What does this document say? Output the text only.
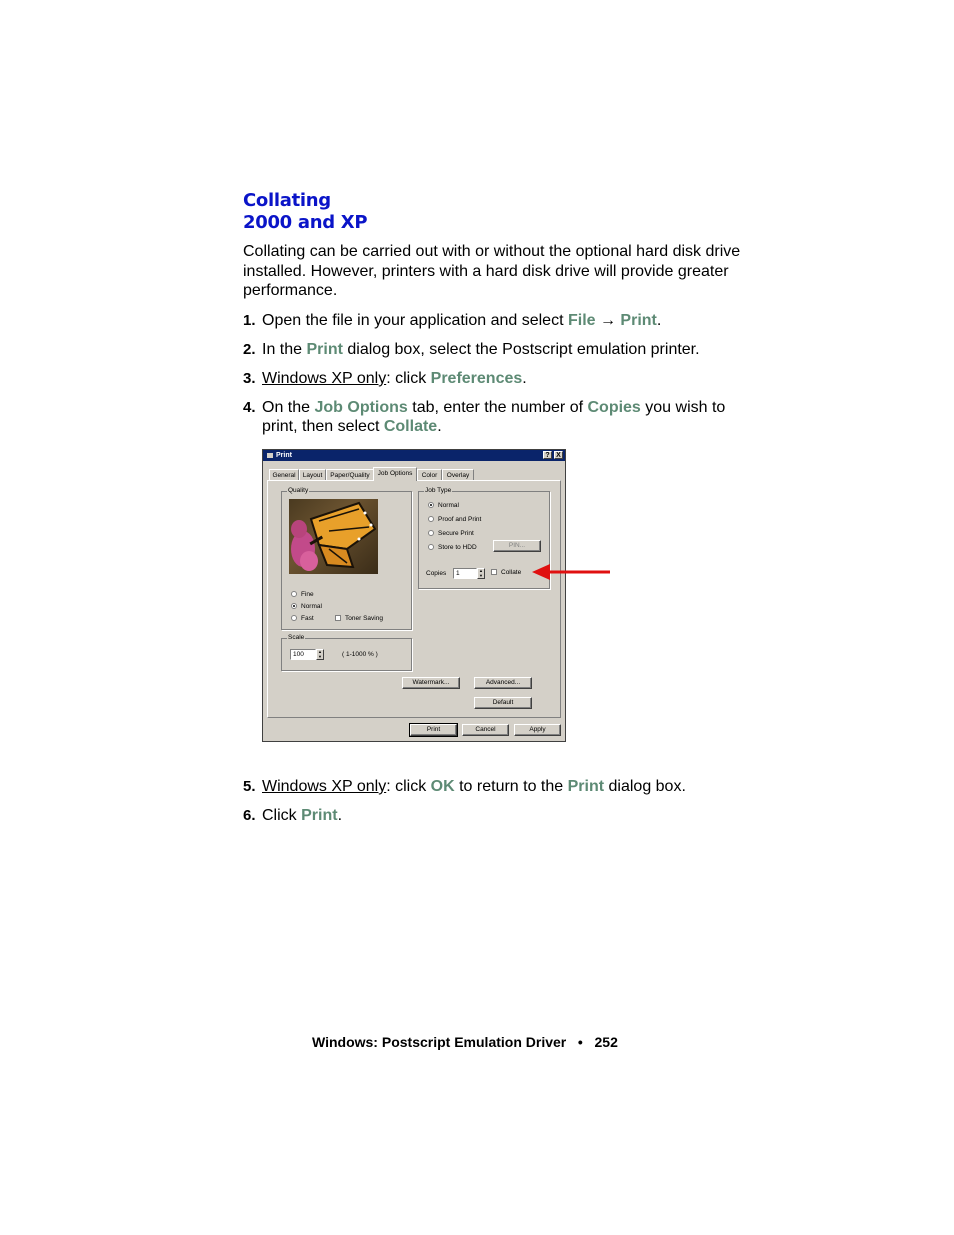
Collating
2000 and XP
Collating can be carried out with or without the optional hard disk drive installed. However, printers with a hard disk drive will provide greater performance.
1. Open the file in your application and select File → Print.
2. In the Print dialog box, select the Postscript emulation printer.
3. Windows XP only: click Preferences.
4. On the Job Options tab, enter the number of Copies you wish to print, then select Collate.
Print	? X
General	Layout	Paper/Quality	Job Options	Color	Overlay
Quality
Fine
Normal
Fast	Toner Saving
Job Type
Normal
Proof and Print
Secure Print
Store to HDD	PIN...
Copies	1	▲
▼	Collate
Scale
100	▲
▼	( 1-1000 % )
Watermark...	Advanced...
Default
Print	Cancel	Apply
5. Windows XP only: click OK to return to the Print dialog box.
6. Click Print.
Windows: Postscript Emulation Driver • 252
